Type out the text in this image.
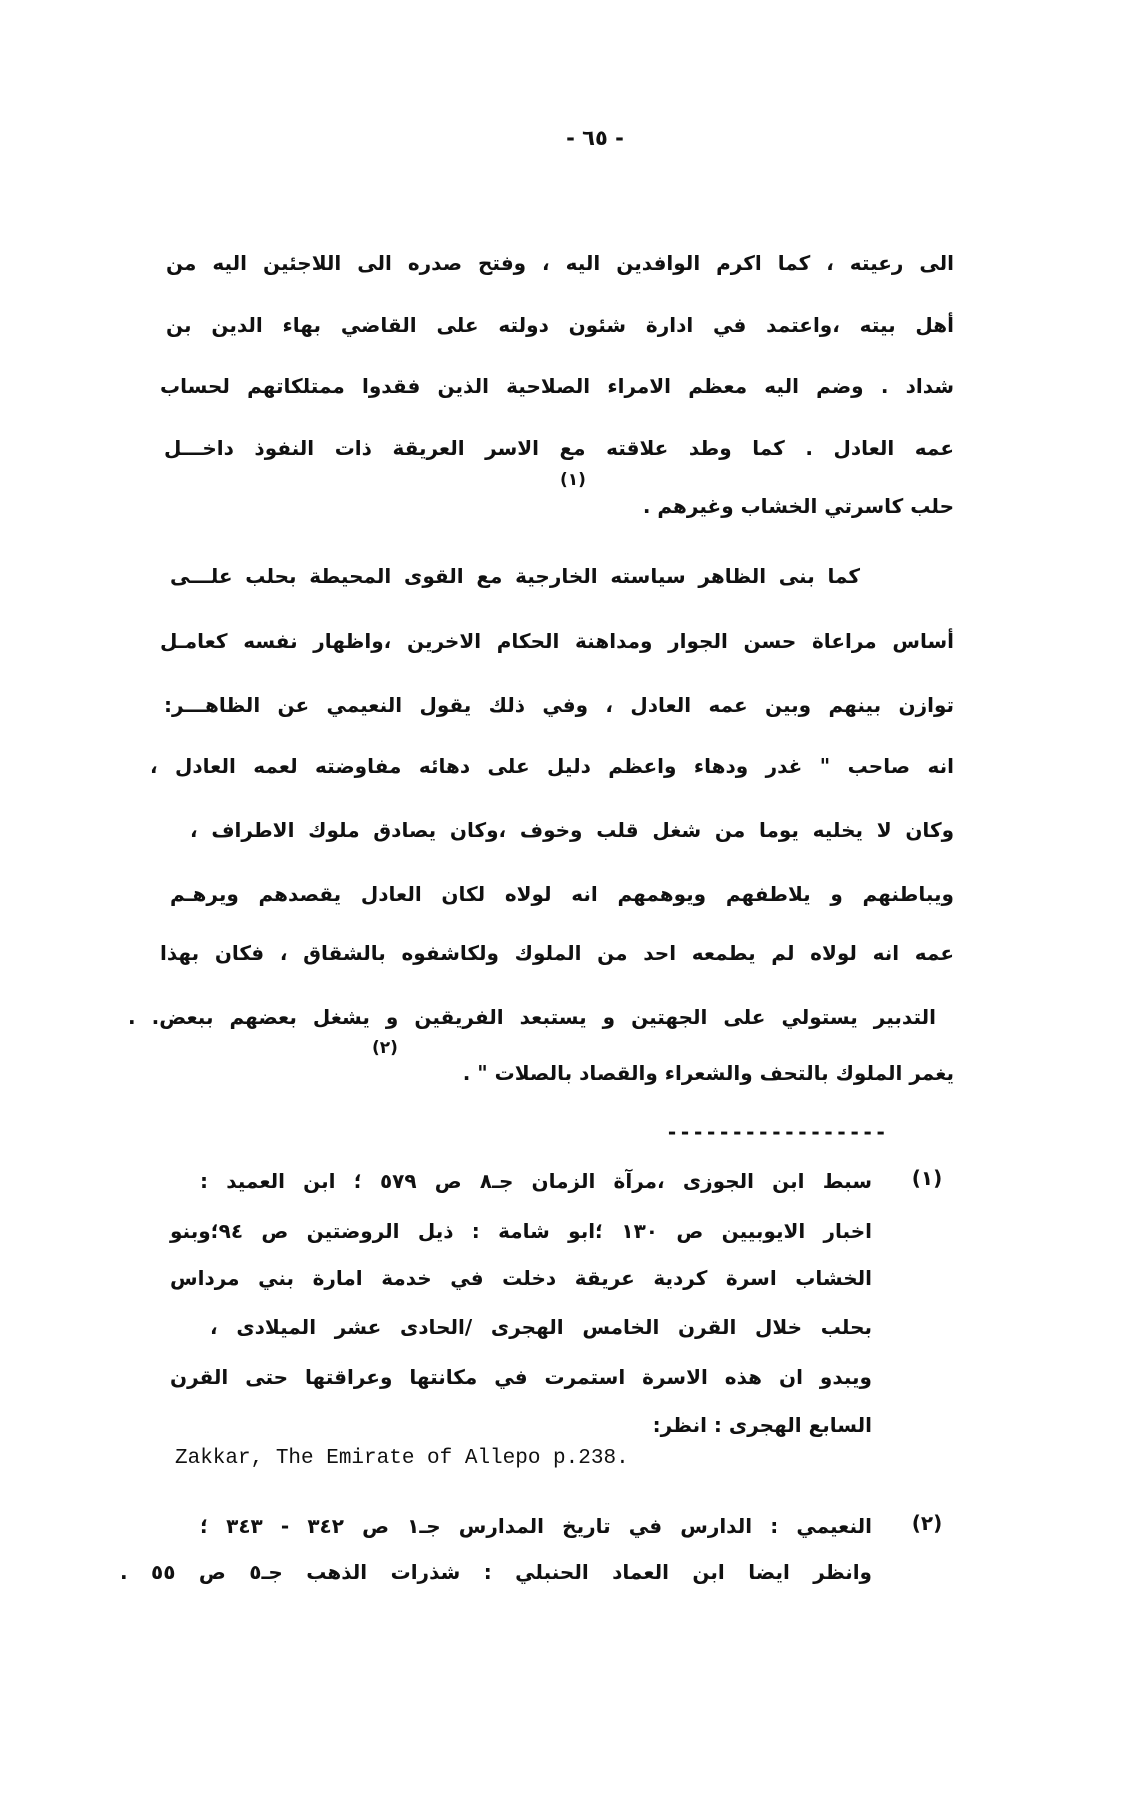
- ٦٥ -
الى رعيته ، كما اكرم الوافدين اليه ، وفتح صدره الى اللاجئين اليه من
أهل بيته ،واعتمد في ادارة شئون دولته على القاضي بهاء الدين بن
شداد . وضم اليه معظم الامراء الصلاحية الذين فقدوا ممتلكاتهم لحساب
عمه العادل . كما وطد علاقته مع الاسر العريقة ذات النفوذ داخـــل
حلب كاسرتي الخشاب وغيرهم .
(١)
كما بنى الظاهر سياسته الخارجية مع القوى المحيطة بحلب علـــى
أساس مراعاة حسن الجوار ومداهنة الحكام الاخرين ،واظهار نفسه كعامـل
توازن بينهم وبين عمه العادل ، وفي ذلك يقول النعيمي عن الظاهـــر:
انه صاحب " غدر ودهاء واعظم دليل على دهائه مفاوضته لعمه العادل ،
وكان لا يخليه يوما من شغل قلب وخوف ،وكان يصادق ملوك الاطراف ،
ويباطنهم و يلاطفهم ويوهمهم انه لولاه لكان العادل يقصدهم ويرهـم
عمه انه لولاه لم يطمعه احد من الملوك ولكاشفوه بالشقاق ، فكان بهذا
التدبير يستولي على الجهتين و يستبعد الفريقين و يشغل بعضهم ببعض. .
يغمر الملوك بالتحف والشعراء والقصاد بالصلات " .
(٢)
-----------------
(١)
سبط ابن الجوزى ،مرآة الزمان جـ٨ ص ٥٧٩ ؛ ابن العميد :
اخبار الايوبيين ص ١٣٠ ؛ابو شامة : ذيل الروضتين ص ٩٤؛وبنو
الخشاب اسرة كردية عريقة دخلت في خدمة امارة بني مرداس
بحلب خلال القرن الخامس الهجرى /الحادى عشر الميلادى ،
ويبدو ان هذه الاسرة استمرت في مكانتها وعراقتها حتى القرن
السابع الهجرى : انظر:
Zakkar, The Emirate of Allepo p.238.
(٢)
النعيمي : الدارس في تاريخ المدارس جـ١ ص ٣٤٢ - ٣٤٣ ؛
وانظر ايضا ابن العماد الحنبلي : شذرات الذهب جـ٥ ص ٥٥ .
